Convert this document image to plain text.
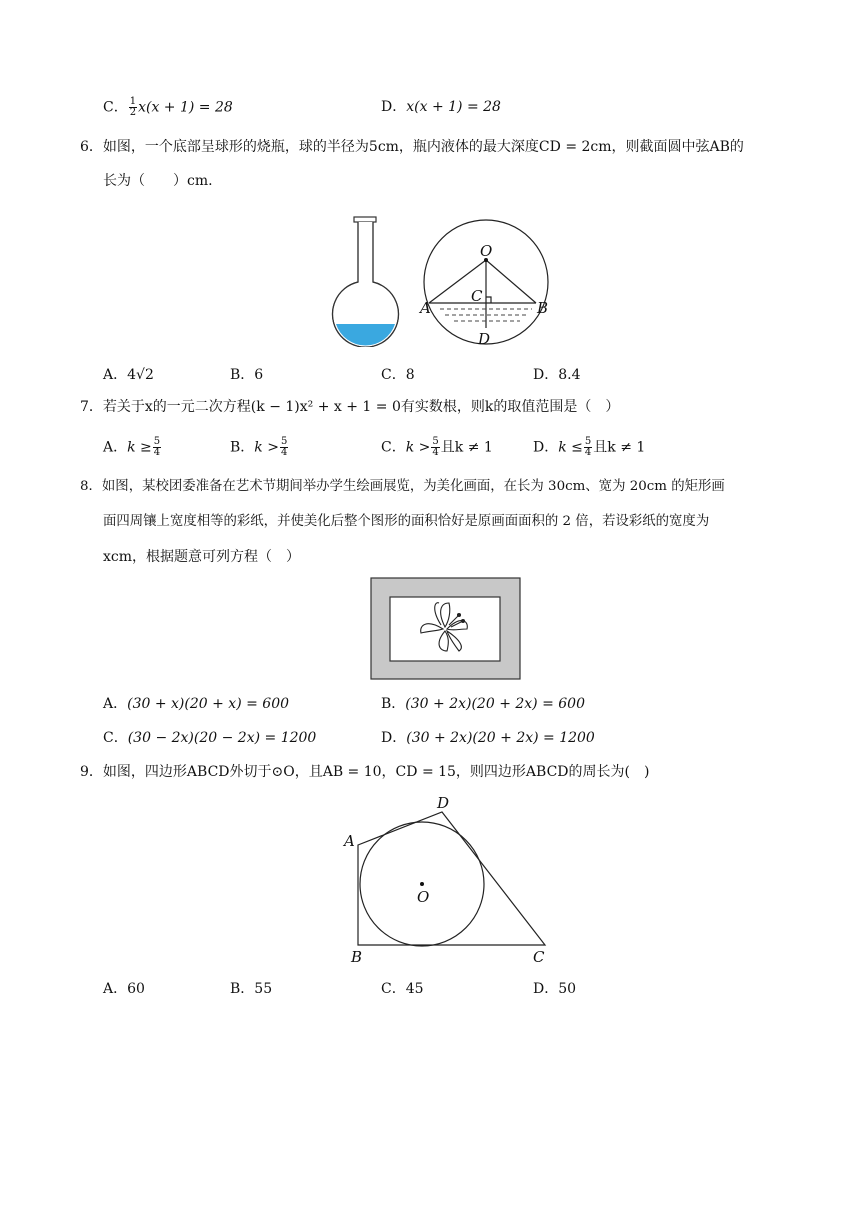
C． $\frac{1}{2} x(x + 1) = 28$	D．x(x + 1) = 28
6．如图，一个底部呈球形的烧瓶，球的半径为5cm，瓶内液体的最大深度CD = 2cm，则截面圆中弦AB的
长为（　　）cm.
O
A	B
C
D
A．4√2	B．6	C．8	D．8.4
7．若关于x的一元二次方程(k − 1)x² + x + 1 = 0有实数根，则k的取值范围是（　）
A．$k \ge \frac{5}{4}$	B．$k > \frac{5}{4}$	C．$k > \frac{5}{4}$ 且k ≠ 1	D．$k \le \frac{5}{4}$ 且k ≠ 1
8．如图，某校团委准备在艺术节期间举办学生绘画展览，为美化画面，在长为 30cm、宽为 20cm 的矩形画
面四周镶上宽度相等的彩纸，并使美化后整个图形的面积恰好是原画面面积的 2 倍，若设彩纸的宽度为
xcm，根据题意可列方程（　）
A．(30 + x)(20 + x) = 600	B．(30 + 2x)(20 + 2x) = 600
C．(30 − 2x)(20 − 2x) = 1200	D．(30 + 2x)(20 + 2x) = 1200
9．如图，四边形ABCD外切于⊙O，且AB = 10，CD = 15，则四边形ABCD的周长为(　)
O
A
D
B	C
A．60	B．55	C．45	D．50
